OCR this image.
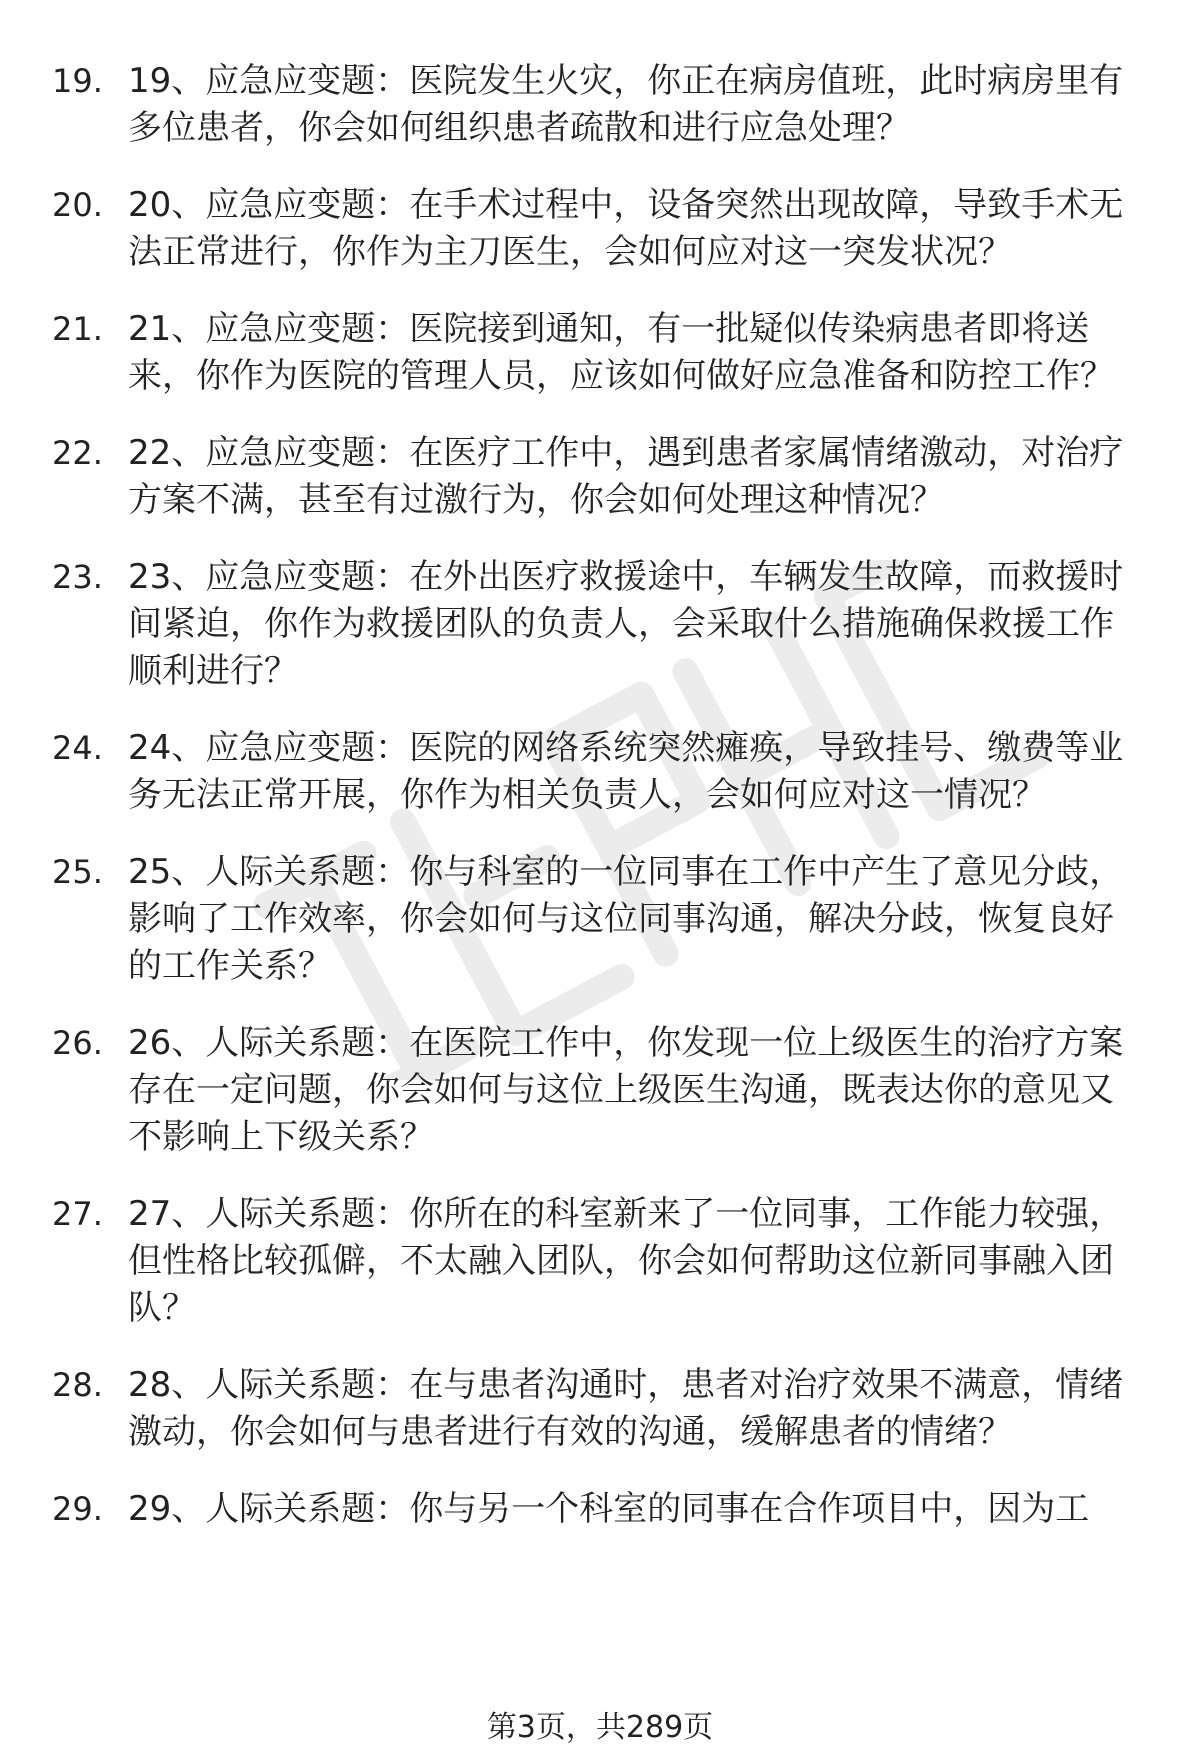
19. 19、应急应变题：医院发生火灾，你正在病房值班，此时病房里有多位患者，你会如何组织患者疏散和进行应急处理？
20. 20、应急应变题：在手术过程中，设备突然出现故障，导致手术无法正常进行，你作为主刀医生，会如何应对这一突发状况？
21. 21、应急应变题：医院接到通知，有一批疑似传染病患者即将送来，你作为医院的管理人员，应该如何做好应急准备和防控工作？
22. 22、应急应变题：在医疗工作中，遇到患者家属情绪激动，对治疗方案不满，甚至有过激行为，你会如何处理这种情况？
23. 23、应急应变题：在外出医疗救援途中，车辆发生故障，而救援时间紧迫，你作为救援团队的负责人，会采取什么措施确保救援工作顺利进行？
24. 24、应急应变题：医院的网络系统突然瘫痪，导致挂号、缴费等业务无法正常开展，你作为相关负责人，会如何应对这一情况？
25. 25、人际关系题：你与科室的一位同事在工作中产生了意见分歧，影响了工作效率，你会如何与这位同事沟通，解决分歧，恢复良好的工作关系？
26. 26、人际关系题：在医院工作中，你发现一位上级医生的治疗方案存在一定问题，你会如何与这位上级医生沟通，既表达你的意见又不影响上下级关系？
27. 27、人际关系题：你所在的科室新来了一位同事，工作能力较强，但性格比较孤僻，不太融入团队，你会如何帮助这位新同事融入团队？
28. 28、人际关系题：在与患者沟通时，患者对治疗效果不满意，情绪激动，你会如何与患者进行有效的沟通，缓解患者的情绪？
29. 29、人际关系题：你与另一个科室的同事在合作项目中，因为工
第3页，共289页
